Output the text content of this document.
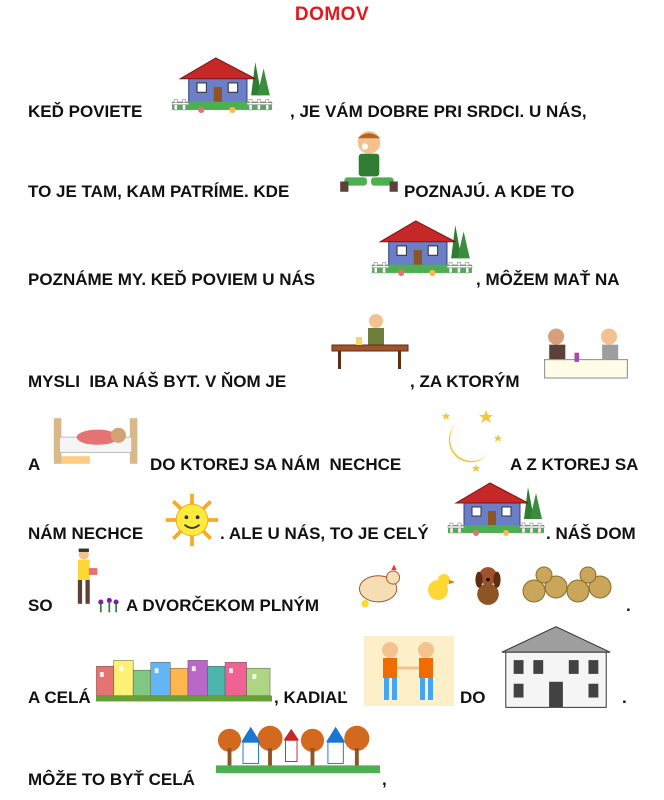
DOMOV
KEĎ POVIETE	, JE VÁM DOBRE PRI SRDCI. U NÁS,
TO JE TAM, KAM PATRÍME. KDE	POZNAJÚ. A KDE TO
POZNÁME MY. KEĎ POVIEM U NÁS	, MÔŽEM MAŤ NA
MYSLI  IBA NÁŠ BYT. V ŇOM JE	, ZA KTORÝM
A	DO KTOREJ SA NÁM  NECHCE	A Z KTOREJ SA
NÁM NECHCE	. ALE U NÁS, TO JE CELÝ	. NÁŠ DOM
SO	A DVORČEKOM PLNÝM	.
A CELÁ	, KADIAĽ	DO	.
MÔŽE TO BYŤ CELÁ	,
